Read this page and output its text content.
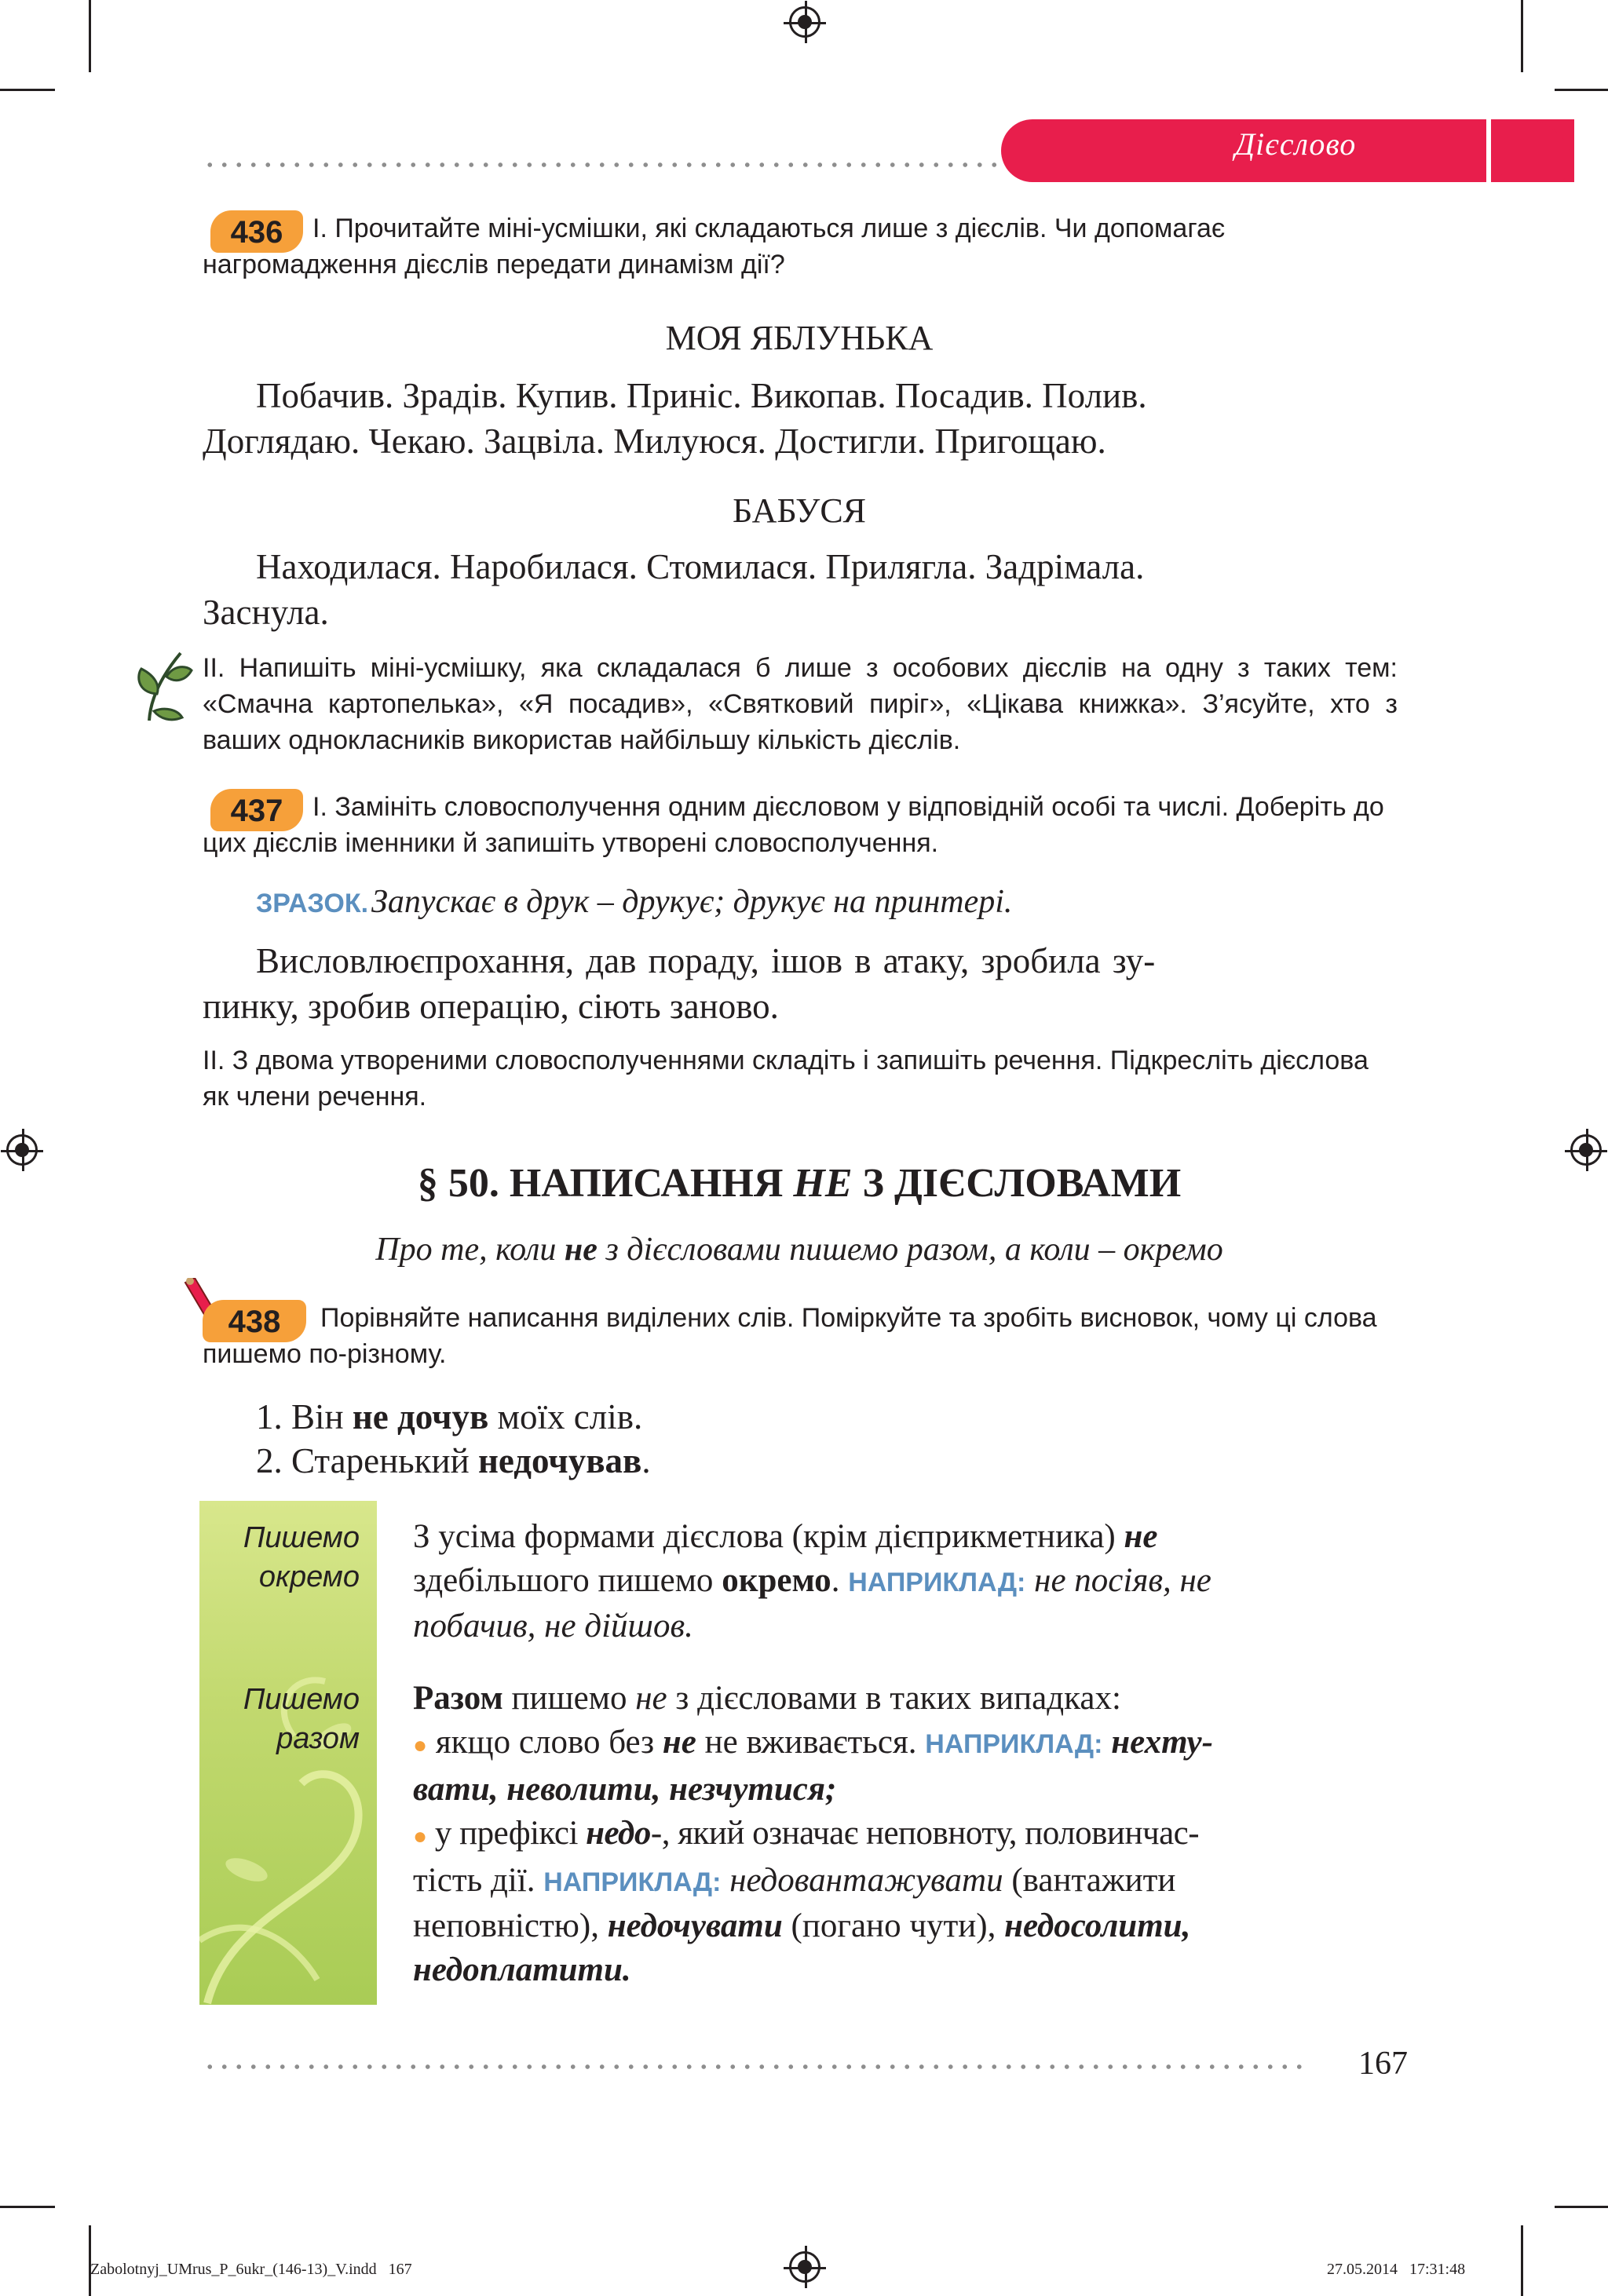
Дієслово
436	І. Прочитайте міні-усмішки, які складаються лише з дієслів. Чи допомагає нагромадження дієслів передати динамізм дії?
МОЯ ЯБЛУНЬКА
Побачив. Зрадів. Купив. Приніс. Викопав. Посадив. Полив.
Доглядаю. Чекаю. Зацвіла. Милуюся. Достигли. Пригощаю.
БАБУСЯ
Находилася. Наробилася. Стомилася. Прилягла. Задрімала.
Заснула.
ІІ. Напишіть міні-усмішку, яка складалася б лише з особових дієслів на одну з таких тем: «Смачна картопелька», «Я посадив», «Святковий пиріг», «Цікава книжка». З’ясуйте, хто з ваших однокласників використав найбільшу кількість дієслів.
437	І. Замініть словосполучення одним дієсловом у відповідній особі та числі. Доберіть до цих дієслів іменники й запишіть утворені словосполучення.
ЗРАЗОК. Запускає в друк – друкує; друкує на принтері.
Висловлюєпрохання, дав пораду, ішов в атаку, зробила зу-
пинку, зробив операцію, сіють заново.
ІІ. З двома утвореними словосполученнями складіть і запишіть речення. Підкресліть дієслова як члени речення.
§ 50. НАПИСАННЯ НЕ З ДІЄСЛОВАМИ
Про те, коли не з дієсловами пишемо разом, а коли – окремо
438	Порівняйте написання виділених слів. Поміркуйте та зробіть висновок, чому ці слова пишемо по-різному.
1. Він не дочув моїх слів.
2. Старенький недочував.
Пишемо
окремо
Пишемо
разом
З усіма формами дієслова (крім дієприкметника) не
здебільшого пишемо окремо. НАПРИКЛАД: не посіяв, не
побачив, не дійшов.
Разом пишемо не з дієсловами в таких випадках:
● якщо слово без не не вживається. НАПРИКЛАД: нехту-
вати, неволити, незчутися;
● у префіксі недо-, який означає неповноту, половинчас-
тість дії. НАПРИКЛАД: недовантажувати (вантажити
неповністю), недочувати (погано чути), недосолити,
недоплатити.
167
Zabolotnyj_UMrus_P_6ukr_(146-13)_V.indd   167	27.05.2014   17:31:48
